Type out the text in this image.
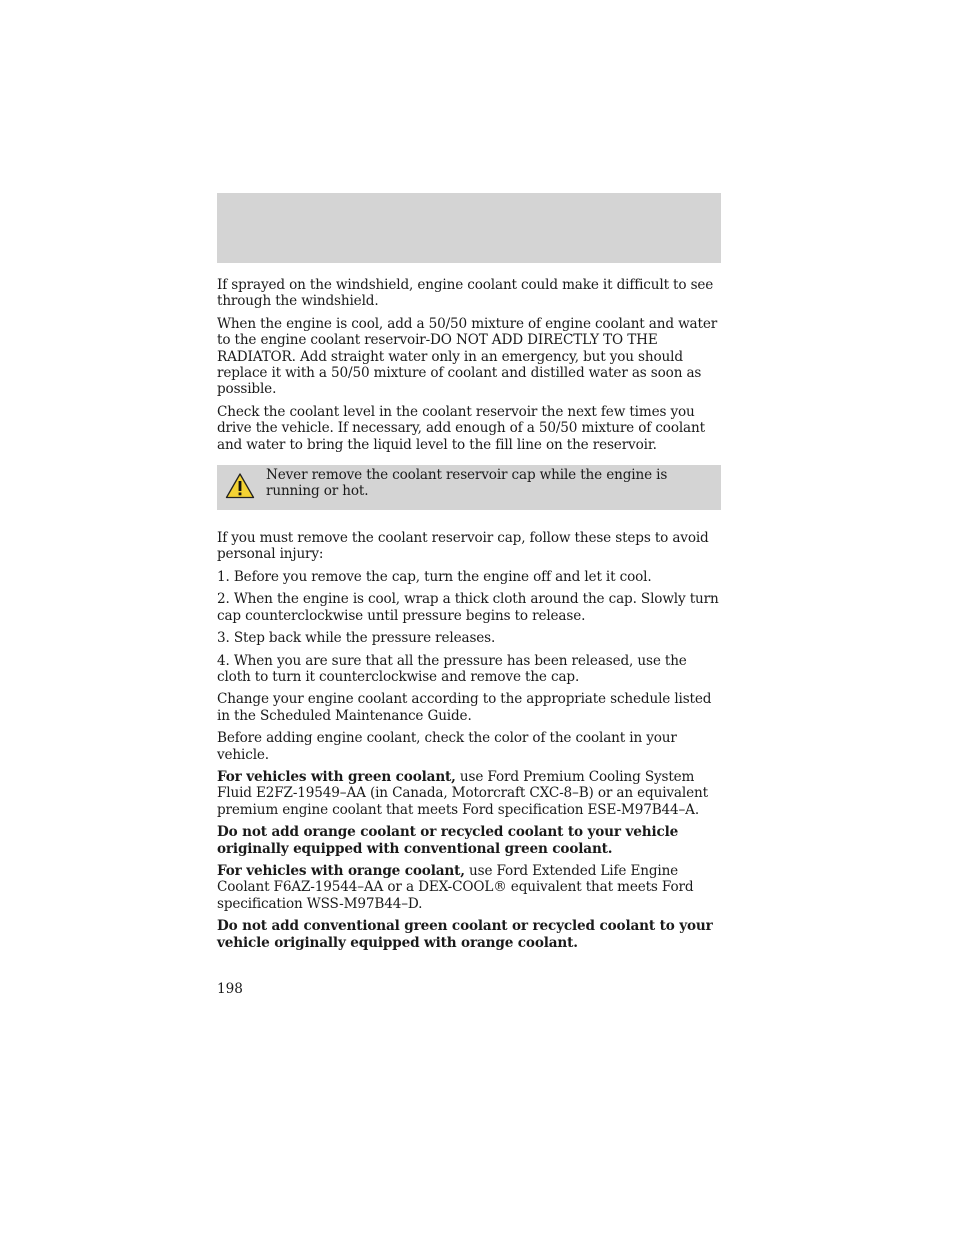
If sprayed on the windshield, engine coolant could make it difficult to see through the windshield.

When the engine is cool, add a 50/50 mixture of engine coolant and water to the engine coolant reservoir-DO NOT ADD DIRECTLY TO THE RADIATOR. Add straight water only in an emergency, but you should replace it with a 50/50 mixture of coolant and distilled water as soon as possible.

Check the coolant level in the coolant reservoir the next few times you drive the vehicle. If necessary, add enough of a 50/50 mixture of coolant and water to bring the liquid level to the fill line on the reservoir.

Never remove the coolant reservoir cap while the engine is running or hot.

If you must remove the coolant reservoir cap, follow these steps to avoid personal injury:

1. Before you remove the cap, turn the engine off and let it cool.

2. When the engine is cool, wrap a thick cloth around the cap. Slowly turn cap counterclockwise until pressure begins to release.

3. Step back while the pressure releases.

4. When you are sure that all the pressure has been released, use the cloth to turn it counterclockwise and remove the cap.

Change your engine coolant according to the appropriate schedule listed in the Scheduled Maintenance Guide.

Before adding engine coolant, check the color of the coolant in your vehicle.

For vehicles with green coolant, use Ford Premium Cooling System Fluid E2FZ-19549–AA (in Canada, Motorcraft CXC-8–B) or an equivalent premium engine coolant that meets Ford specification ESE-M97B44–A.

Do not add orange coolant or recycled coolant to your vehicle originally equipped with conventional green coolant.

For vehicles with orange coolant, use Ford Extended Life Engine Coolant F6AZ-19544–AA or a DEX-COOL® equivalent that meets Ford specification WSS-M97B44–D.

Do not add conventional green coolant or recycled coolant to your vehicle originally equipped with orange coolant.

198
